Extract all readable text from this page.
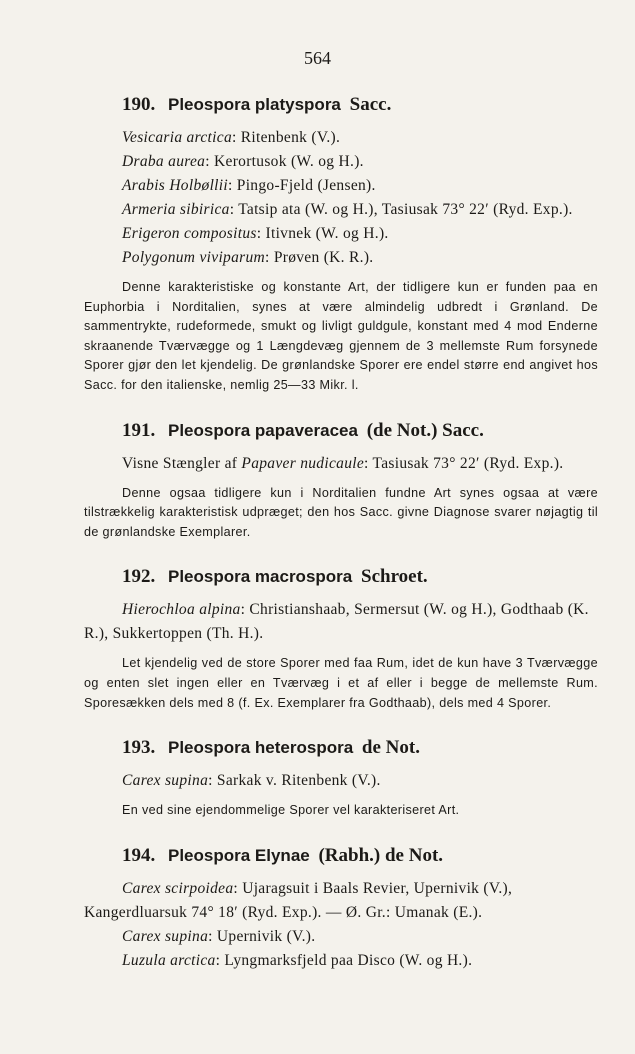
564
190. Pleospora platyspora Sacc.

Vesicaria arctica: Ritenbenk (V.).

Draba aurea: Kerortusok (W. og H.).

Arabis Holbøllii: Pingo-Fjeld (Jensen).

Armeria sibirica: Tatsip ata (W. og H.), Tasiusak 73° 22′ (Ryd. Exp.).

Erigeron compositus: Itivnek (W. og H.).

Polygonum viviparum: Prøven (K. R.).

Denne karakteristiske og konstante Art, der tidligere kun er funden paa en Euphorbia i Norditalien, synes at være almindelig udbredt i Grønland. De sammentrykte, rudeformede, smukt og livligt guldgule, konstant med 4 mod Enderne skraanende Tværvægge og 1 Længdevæg gjennem de 3 mellemste Rum forsynede Sporer gjør den let kjendelig. De grønlandske Sporer ere endel større end angivet hos Sacc. for den italienske, nemlig 25—33 Mikr. l.

191. Pleospora papaveracea (de Not.) Sacc.

Visne Stængler af Papaver nudicaule: Tasiusak 73° 22′ (Ryd. Exp.).

Denne ogsaa tidligere kun i Norditalien fundne Art synes ogsaa at være tilstrækkelig karakteristisk udpræget; den hos Sacc. givne Diagnose svarer nøjagtig til de grønlandske Exemplarer.

192. Pleospora macrospora Schroet.

Hierochloa alpina: Christianshaab, Sermersut (W. og H.), Godthaab (K. R.), Sukkertoppen (Th. H.).

Let kjendelig ved de store Sporer med faa Rum, idet de kun have 3 Tværvægge og enten slet ingen eller en Tværvæg i et af eller i begge de mellemste Rum. Sporesækken dels med 8 (f. Ex. Exemplarer fra Godthaab), dels med 4 Sporer.

193. Pleospora heterospora de Not.

Carex supina: Sarkak v. Ritenbenk (V.).

En ved sine ejendommelige Sporer vel karakteriseret Art.

194. Pleospora Elynae (Rabh.) de Not.

Carex scirpoidea: Ujaragsuit i Baals Revier, Upernivik (V.), Kangerdluarsuk 74° 18′ (Ryd. Exp.). — Ø. Gr.: Umanak (E.).

Carex supina: Upernivik (V.).

Luzula arctica: Lyngmarksfjeld paa Disco (W. og H.).
